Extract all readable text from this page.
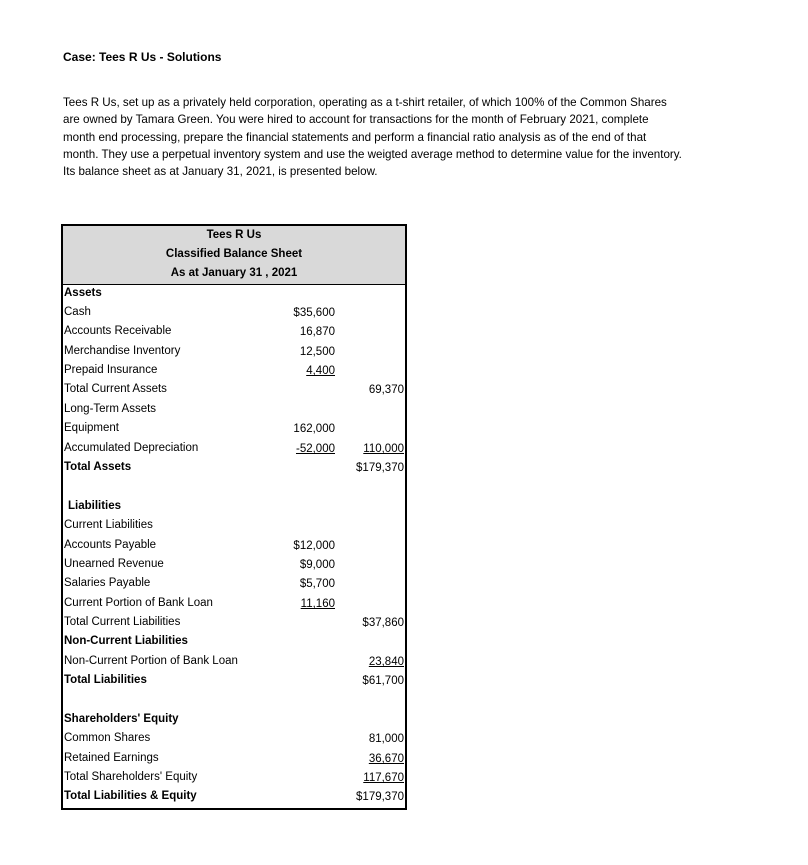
Case: Tees R Us - Solutions
Tees R Us, set up as a privately held corporation, operating as a t-shirt retailer, of which 100% of the Common Shares are owned by Tamara Green. You were hired to account for transactions for the month of February 2021, complete month end processing, prepare the financial statements and perform a financial ratio analysis as of the end of that month. They use a perpetual inventory system and use the weigted average method to determine value for the inventory. Its balance sheet as at January 31, 2021, is presented below.
Tees R Us
Classified Balance Sheet
As at January 31 , 2021
Assets
Cash	$35,600
Accounts Receivable	16,870
Merchandise Inventory	12,500
Prepaid Insurance	4,400
Total Current Assets	69,370
Long-Term Assets
Equipment	162,000
Accumulated Depreciation	-52,000 110,000
Total Assets	$179,370
Liabilities
Current Liabilities
Accounts Payable	$12,000
Unearned Revenue	$9,000
Salaries Payable	$5,700
Current Portion of Bank Loan	11,160
Total Current Liabilities	$37,860
Non-Current Liabilities
Non-Current Portion of Bank Loan	23,840
Total Liabilities	$61,700
Shareholders' Equity
Common Shares	81,000
Retained Earnings	36,670
Total Shareholders' Equity	117,670
Total Liabilities & Equity	$179,370
